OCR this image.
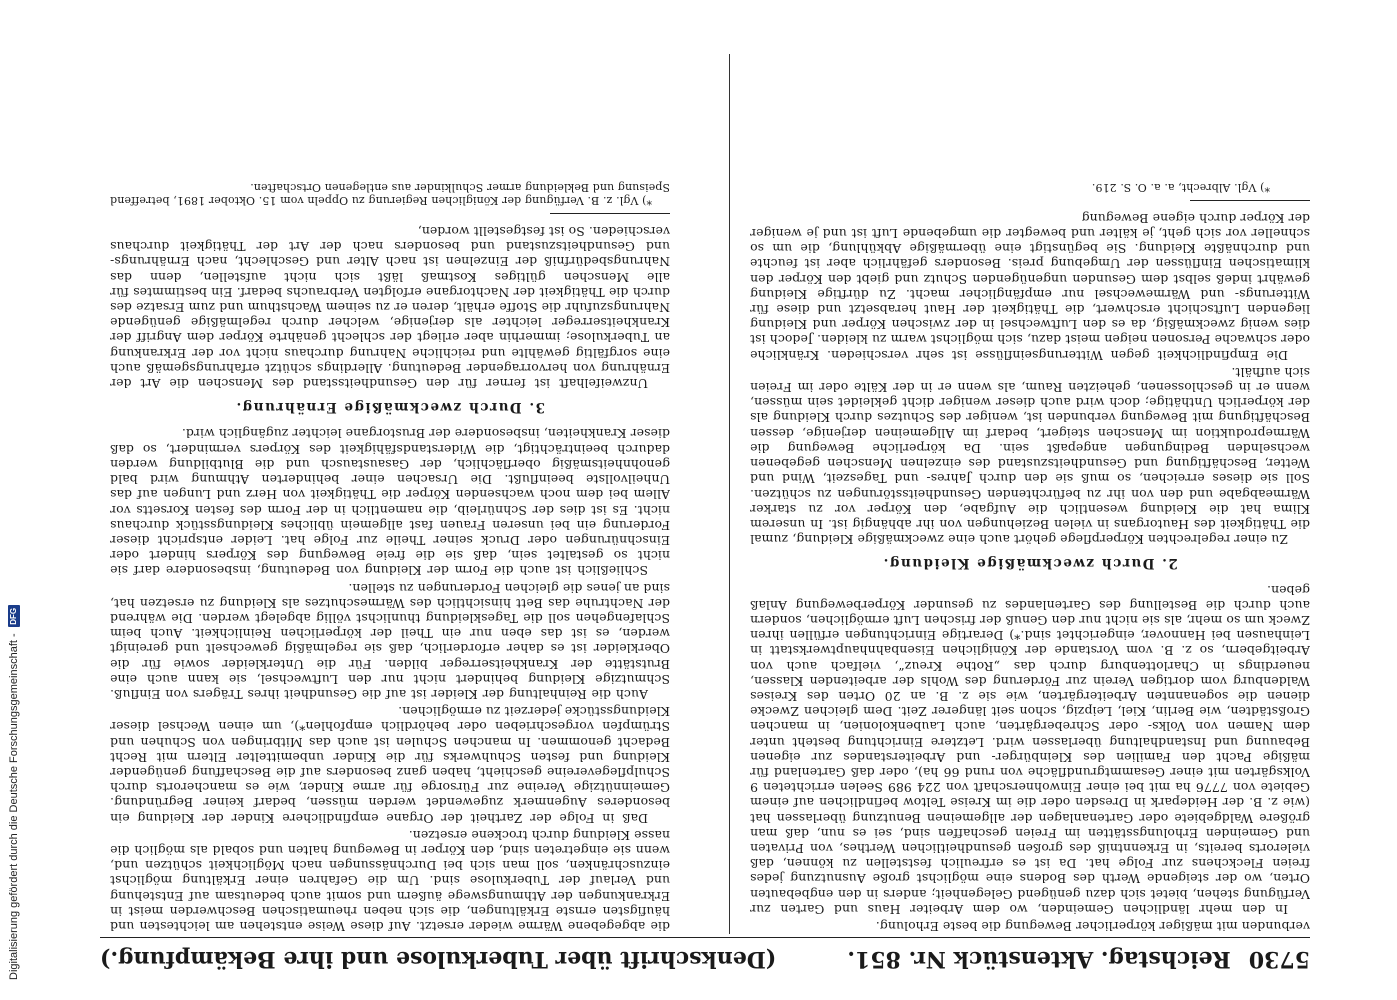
5730
Reichstag. Aktenstück Nr. 851.
(Denkschrift über Tuberkulose und ihre Bekämpfung.)

verbunden mit mäßiger körperlicher Bewegung die beste Erholung.

In den mehr ländlichen Gemeinden, wo dem Arbeiter Haus und Garten zur Verfügung stehen, bietet sich dazu genügend Gelegenheit; anders in den engbebauten Orten, wo der steigende Werth des Bodens eine möglichst große Ausnutzung jedes freien Fleckchens zur Folge hat. Da ist es erfreulich feststellen zu können, daß vielerorts bereits, in Erkenntniß des großen gesundheitlichen Werthes, von Privaten und Gemeinden Erholungsstätten im Freien geschaffen sind, sei es nun, daß man größere Waldgebiete oder Gartenanlagen der allgemeinen Benutzung überlassen hat (wie z. B. der Heidepark in Dresden oder die im Kreise Teltow befindlichen auf einem Gebiete von 7776 ha mit bei einer Einwohnerschaft von 224 989 Seelen errichteten 9 Volksgärten mit einer Gesammtgrundfläche von rund 66 ha), oder daß Gartenland für mäßige Pacht den Familien des Kleinbürger- und Arbeiterstandes zur eigenen Bebauung und Instandhaltung überlassen wird. Letztere Einrichtung besteht unter dem Namen von Volks- oder Schrebergärten, auch Laubenkolonien, in manchen Großstädten, wie Berlin, Kiel, Leipzig, schon seit längerer Zeit. Dem gleichen Zwecke dienen die sogenannten Arbeitergärten, wie sie z. B. an 20 Orten des Kreises Waldenburg vom dortigen Verein zur Förderung des Wohls der arbeitenden Klassen, neuerdings in Charlottenburg durch das „Rothe Kreuz“, vielfach auch von Arbeitgebern, so z. B. vom Vorstande der Königlichen Eisenbahnhauptwerkstatt in Leinhausen bei Hannover, eingerichtet sind.*) Derartige Einrichtungen erfüllen ihren Zweck um so mehr, als sie nicht nur den Genuß der frischen Luft ermöglichen, sondern auch durch die Bestellung des Gartenlandes zu gesunder Körperbewegung Anlaß geben.

2. Durch zweckmäßige Kleidung.

Zu einer regelrechten Körperpflege gehört auch eine zweckmäßige Kleidung, zumal die Thätigkeit des Hautorgans in vielen Beziehungen von ihr abhängig ist. In unserem Klima hat die Kleidung wesentlich die Aufgabe, den Körper vor zu starker Wärmeabgabe und den von ihr zu befürchtenden Gesundheitsstörungen zu schützen. Soll sie dieses erreichen, so muß sie den durch Jahres- und Tageszeit, Wind und Wetter, Beschäftigung und Gesundheitszustand des einzelnen Menschen gegebenen wechselnden Bedingungen angepaßt sein. Da körperliche Bewegung die Wärmeproduktion im Menschen steigert, bedarf im Allgemeinen derjenige, dessen Beschäftigung mit Bewegung verbunden ist, weniger des Schutzes durch Kleidung als der körperlich Unthätige; doch wird auch dieser weniger dicht gekleidet sein müssen, wenn er in geschlossenen, geheizten Raum, als wenn er in der Kälte oder im Freien sich aufhält.

Die Empfindlichkeit gegen Witterungseinflüsse ist sehr verschieden. Kränkliche oder schwache Personen neigen meist dazu, sich möglichst warm zu kleiden. Jedoch ist dies wenig zweckmäßig, da es den Luftwechsel in der zwischen Körper und Kleidung liegenden Luftschicht erschwert, die Thätigkeit der Haut herabsetzt und diese für Witterungs- und Wärmewechsel nur empfänglicher macht. Zu dürftige Kleidung gewährt indeß selbst dem Gesunden ungenügenden Schutz und giebt den Körper den klimatischen Einflüssen der Umgebung preis. Besonders gefährlich aber ist feuchte und durchnäßte Kleidung. Sie begünstigt eine übermäßige Abkühlung, die um so schneller vor sich geht, je kälter und bewegter die umgebende Luft ist und je weniger der Körper durch eigene Bewegung

*) Vgl. Albrecht, a. a. O. S. 219.

die abgegebene Wärme wieder ersetzt. Auf diese Weise entstehen am leichtesten und häufigsten ernste Erkältungen, die sich neben rheumatischen Beschwerden meist in Erkrankungen der Athmungswege äußern und somit auch bedeutsam auf Entstehung und Verlauf der Tuberkulose sind. Um die Gefahren einer Erkältung möglichst einzuschränken, soll man sich bei Durchnässungen nach Möglichkeit schützen und, wenn sie eingetreten sind, den Körper in Bewegung halten und sobald als möglich die nasse Kleidung durch trockene ersetzen.

Daß in Folge der Zartheit der Organe empfindlichere Kinder der Kleidung ein besonderes Augenmerk zugewendet werden müssen, bedarf keiner Begründung. Gemeinnützige Vereine zur Fürsorge für arme Kinder, wie es mancherorts durch Schulpflegevereine geschieht, haben ganz besonders auf die Beschaffung genügender Kleidung und festen Schuhwerks für die Kinder unbemittelter Eltern mit Recht Bedacht genommen. In manchen Schulen ist auch das Mitbringen von Schuhen und Strümpfen vorgeschrieben oder behördlich empfohlen*), um einen Wechsel dieser Kleidungsstücke jederzeit zu ermöglichen.

Auch die Reinhaltung der Kleider ist auf die Gesundheit ihres Trägers von Einfluß. Schmutzige Kleidung behindert nicht nur den Luftwechsel, sie kann auch eine Brutstätte der Krankheitserreger bilden. Für die Unterkleider sowie für die Oberkleider ist es daher erforderlich, daß sie regelmäßig gewechselt und gereinigt werden, es ist das eben nur ein Theil der körperlichen Reinlichkeit. Auch beim Schlafengehen soll die Tageskleidung thunlichst völlig abgelegt werden. Die während der Nachtruhe das Bett hinsichtlich des Wärmeschutzes als Kleidung zu ersetzen hat, sind an jenes die gleichen Forderungen zu stellen.

Schließlich ist auch die Form der Kleidung von Bedeutung, insbesondere darf sie nicht so gestaltet sein, daß sie die freie Bewegung des Körpers hindert oder Einschnürungen oder Druck seiner Theile zur Folge hat. Leider entspricht dieser Forderung ein bei unseren Frauen fast allgemein übliches Kleidungsstück durchaus nicht. Es ist dies der Schnürleib, die namentlich in der Form des festen Korsetts vor Allem bei dem noch wachsenden Körper die Thätigkeit von Herz und Lungen auf das Unheilvollste beeinflußt. Die Ursachen einer behinderten Athmung wird bald genohnheitsmäßig oberflächlich, der Gasaustausch und die Blutbildung werden dadurch beeinträchtigt, die Widerstandsfähigkeit des Körpers vermindert, so daß dieser Krankheiten, insbesondere der Brustorgane leichter zugänglich wird.

3. Durch zweckmäßige Ernährung.

Unzweifelhaft ist ferner für den Gesundheitsstand des Menschen die Art der Ernährung von hervorragender Bedeutung. Allerdings schützt erfahrungsgemäß auch eine sorgfältig gewählte und reichliche Nahrung durchaus nicht vor der Erkrankung an Tuberkulose; immerhin aber erliegt der schlecht genährte Körper dem Angriff der Krankheitserreger leichter als derjenige, welcher durch regelmäßige genügende Nahrungszufuhr die Stoffe erhält, deren er zu seinem Wachsthum und zum Ersatze des durch die Thätigkeit der Nachtorgane erfolgten Verbrauchs bedarf. Ein bestimmtes für alle Menschen gültiges Kostmaß läßt sich nicht aufstellen, denn das Nahrungsbedürfniß der Einzelnen ist nach Alter und Geschlecht, nach Ernährungs- und Gesundheitszustand und besonders nach der Art der Thätigkeit durchaus verschieden. So ist festgestellt worden,

*) Vgl. z. B. Verfügung der Königlichen Regierung zu Oppeln vom 15. Oktober 1891, betreffend Speisung und Bekleidung armer Schulkinder aus entlegenen Ortschaften.

Digitalisierung gefördert durch die Deutsche Forschungsgemeinschaft -
DFG
